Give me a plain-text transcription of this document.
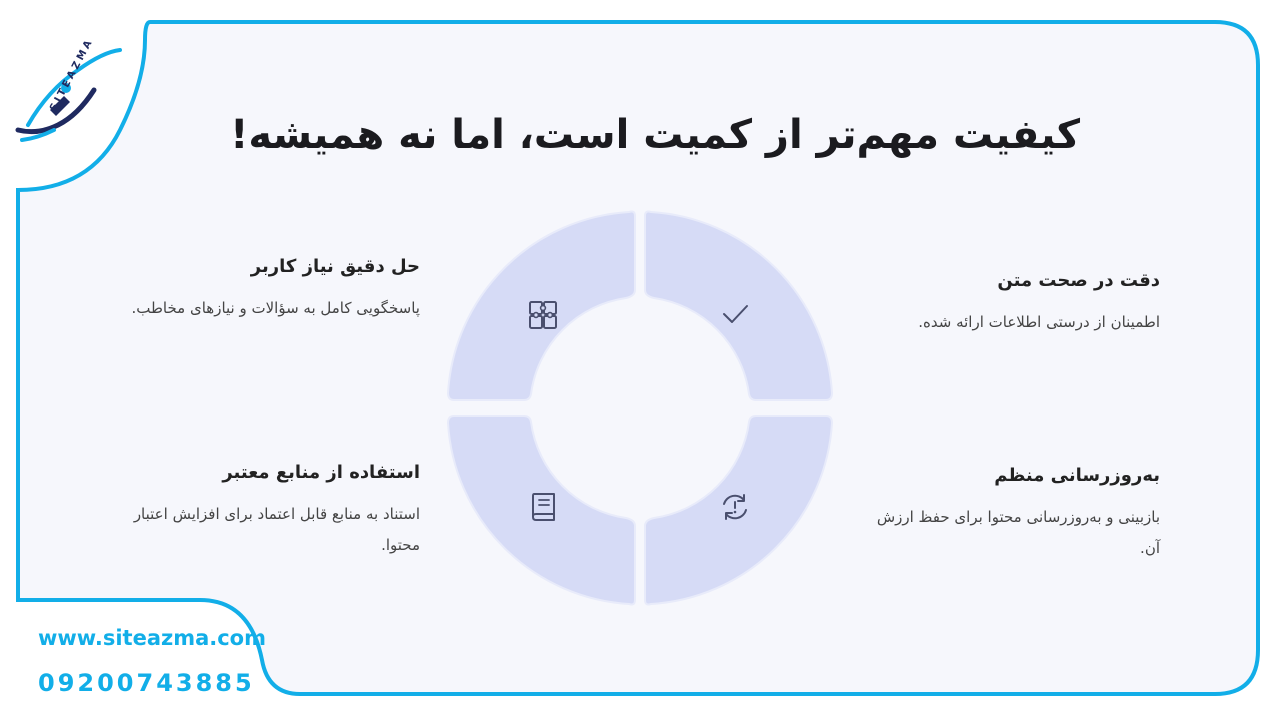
SITEAZMA
کیفیت مهم‌تر از کمیت است، اما نه همیشه!
دقت در صحت متن

اطمینان از درستی اطلاعات ارائه شده.

حل دقیق نیاز کاربر

پاسخگویی کامل به سؤالات و نیازهای مخاطب.

به‌روزرسانی منظم

بازبینی و به‌روزرسانی محتوا برای حفظ ارزش آن.

استفاده از منابع معتبر

استناد به منابع قابل اعتماد برای افزایش اعتبار محتوا.

www.siteazma.com
09200743885
